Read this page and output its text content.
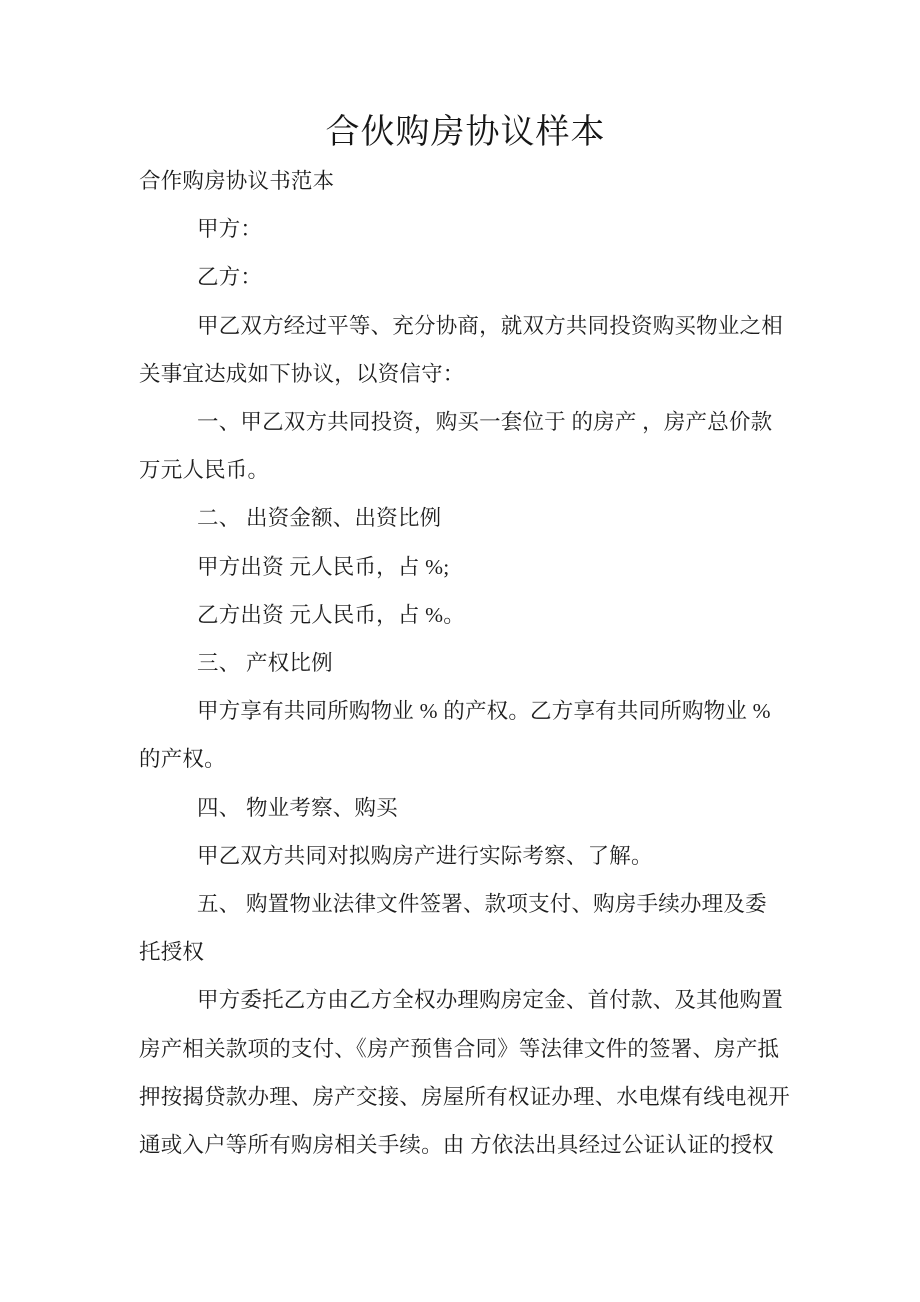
合伙购房协议样本
合作购房协议书范本
甲方：
乙方：
甲乙双方经过平等、充分协商，就双方共同投资购买物业之相
关事宜达成如下协议，以资信守：
一、甲乙双方共同投资，购买一套位于 的房产 ，房产总价款
万元人民币。
二、 出资金额、出资比例
甲方出资 元人民币，占 %;
乙方出资 元人民币，占 %。
三、 产权比例
甲方享有共同所购物业 % 的产权。乙方享有共同所购物业 %
的产权。
四、 物业考察、购买
甲乙双方共同对拟购房产进行实际考察、了解。
五、 购置物业法律文件签署、款项支付、购房手续办理及委
托授权
甲方委托乙方由乙方全权办理购房定金、首付款、及其他购置
房产相关款项的支付、《房产预售合同》等法律文件的签署、房产抵
押按揭贷款办理、房产交接、房屋所有权证办理、水电煤有线电视开
通或入户等所有购房相关手续。由 方依法出具经过公证认证的授权
